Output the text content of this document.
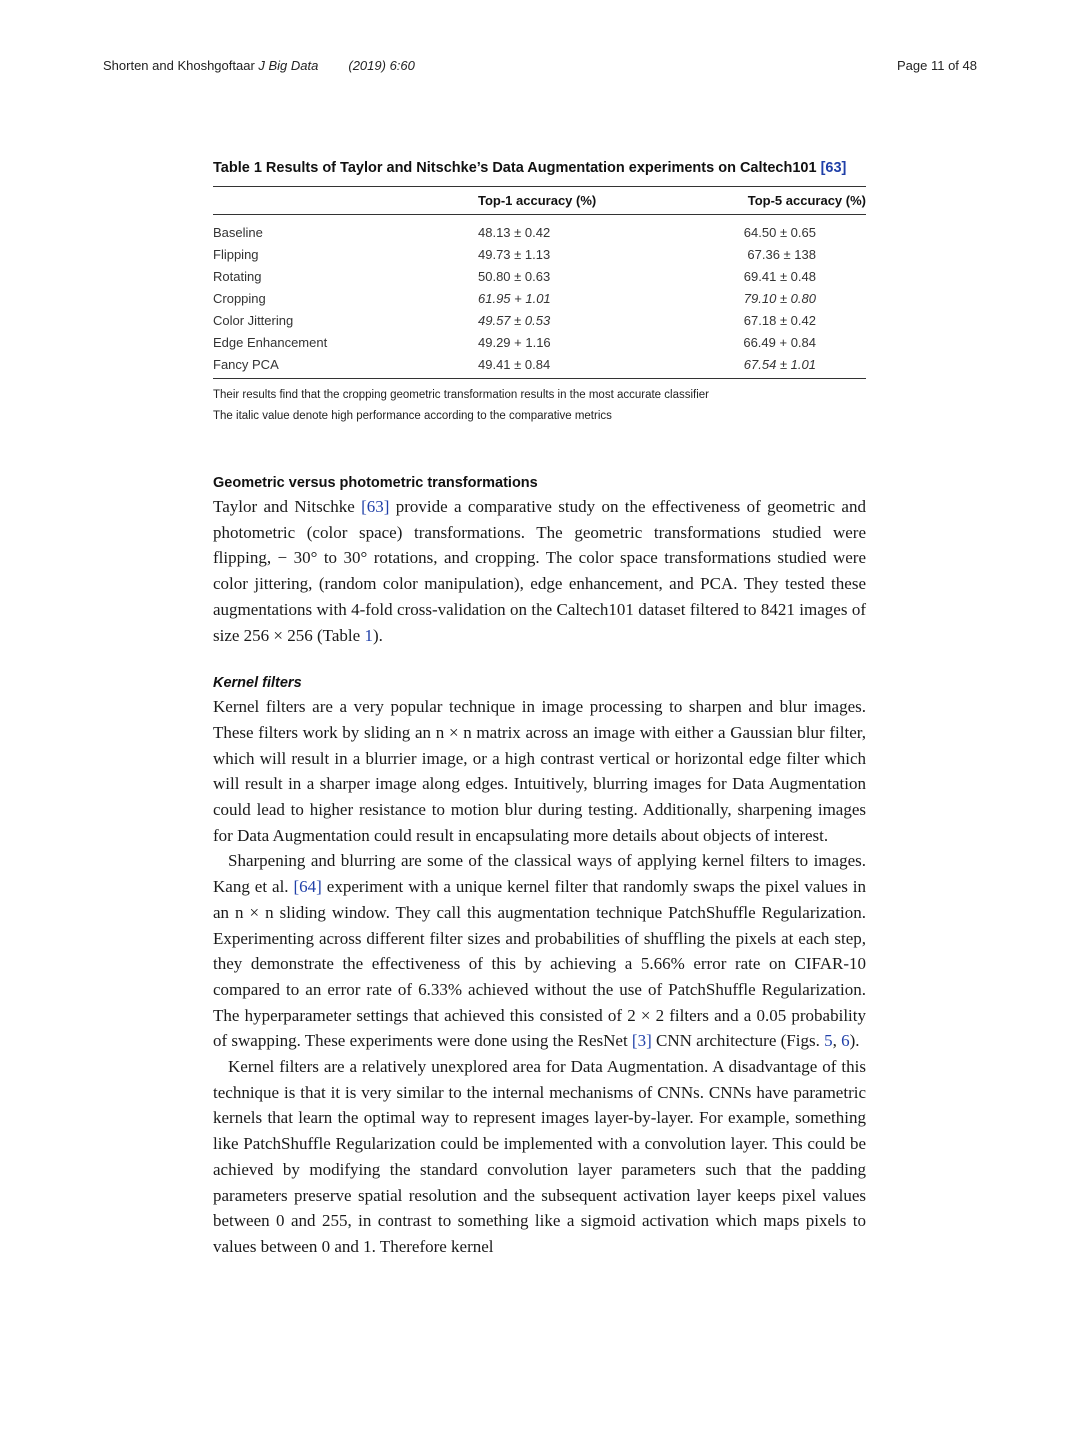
Shorten and Khoshgoftaar J Big Data (2019) 6:60	Page 11 of 48
Table 1 Results of Taylor and Nitschke’s Data Augmentation experiments on Caltech101 [63]
	Top-1 accuracy (%)	Top-5 accuracy (%)
Baseline	48.13 ± 0.42	64.50 ± 0.65
Flipping	49.73 ± 1.13	67.36 ± 138
Rotating	50.80 ± 0.63	69.41 ± 0.48
Cropping	61.95 + 1.01	79.10 ± 0.80
Color Jittering	49.57 ± 0.53	67.18 ± 0.42
Edge Enhancement	49.29 + 1.16	66.49 + 0.84
Fancy PCA	49.41 ± 0.84	67.54 ± 1.01
Their results find that the cropping geometric transformation results in the most accurate classifier
The italic value denote high performance according to the comparative metrics
Geometric versus photometric transformations

Taylor and Nitschke [63] provide a comparative study on the effectiveness of geometric and photometric (color space) transformations. The geometric transformations studied were flipping, − 30° to 30° rotations, and cropping. The color space transformations studied were color jittering, (random color manipulation), edge enhancement, and PCA. They tested these augmentations with 4-fold cross-validation on the Caltech101 dataset filtered to 8421 images of size 256 × 256 (Table 1).

Kernel filters

Kernel filters are a very popular technique in image processing to sharpen and blur images. These filters work by sliding an n × n matrix across an image with either a Gaussian blur filter, which will result in a blurrier image, or a high contrast vertical or horizontal edge filter which will result in a sharper image along edges. Intuitively, blurring images for Data Augmentation could lead to higher resistance to motion blur during testing. Additionally, sharpening images for Data Augmentation could result in encapsulating more details about objects of interest.

Sharpening and blurring are some of the classical ways of applying kernel filters to images. Kang et al. [64] experiment with a unique kernel filter that randomly swaps the pixel values in an n × n sliding window. They call this augmentation technique PatchShuffle Regularization. Experimenting across different filter sizes and probabilities of shuffling the pixels at each step, they demonstrate the effectiveness of this by achieving a 5.66% error rate on CIFAR-10 compared to an error rate of 6.33% achieved without the use of PatchShuffle Regularization. The hyperparameter settings that achieved this consisted of 2 × 2 filters and a 0.05 probability of swapping. These experiments were done using the ResNet [3] CNN architecture (Figs. 5, 6).

Kernel filters are a relatively unexplored area for Data Augmentation. A disadvantage of this technique is that it is very similar to the internal mechanisms of CNNs. CNNs have parametric kernels that learn the optimal way to represent images layer-by-layer. For example, something like PatchShuffle Regularization could be implemented with a convolution layer. This could be achieved by modifying the standard convolution layer parameters such that the padding parameters preserve spatial resolution and the subsequent activation layer keeps pixel values between 0 and 255, in contrast to something like a sigmoid activation which maps pixels to values between 0 and 1. Therefore kernel
